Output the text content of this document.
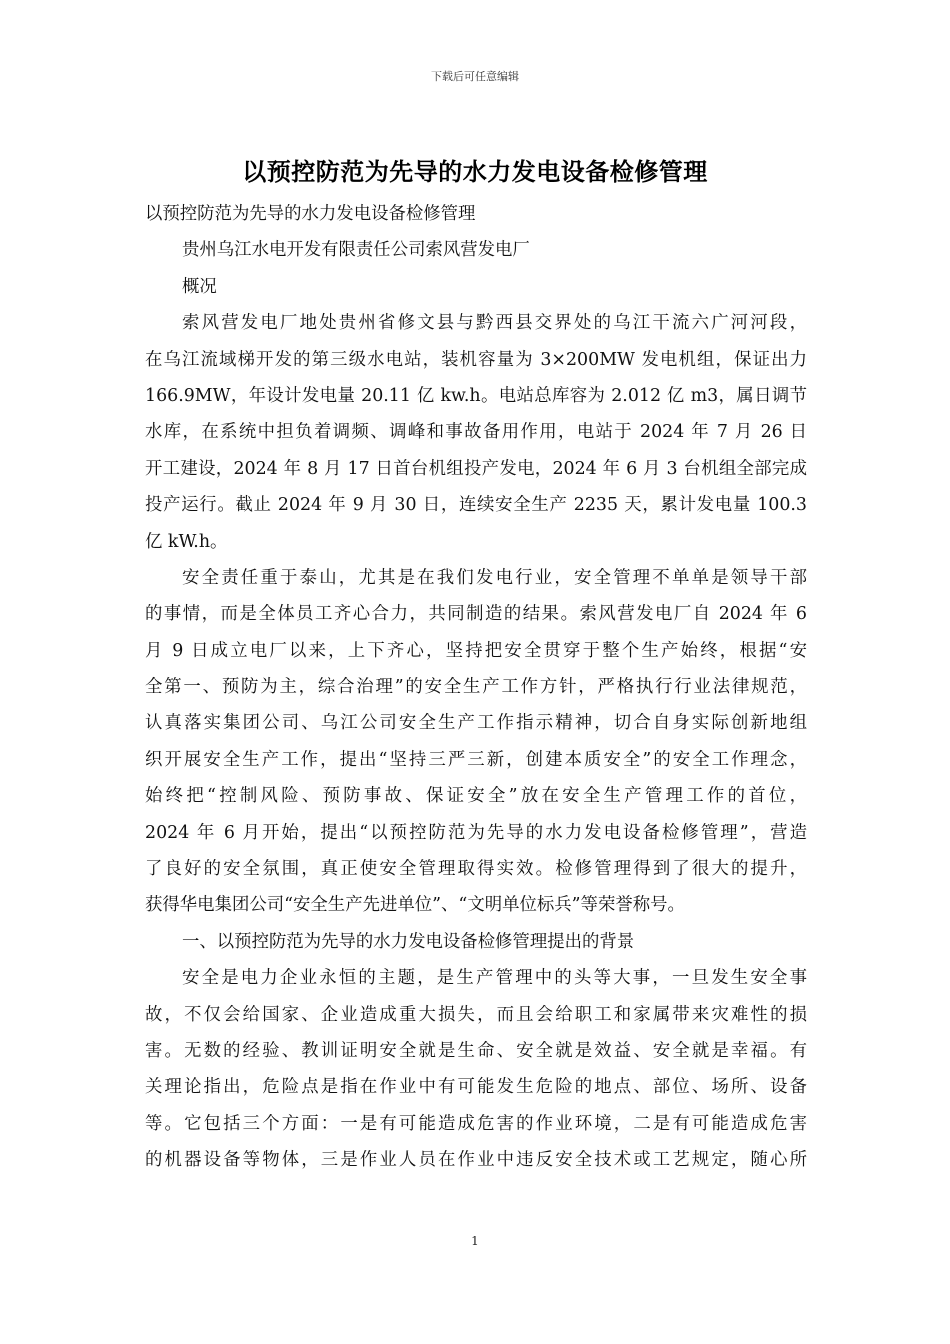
下载后可任意编辑
以预控防范为先导的水力发电设备检修管理
以预控防范为先导的水力发电设备检修管理
贵州乌江水电开发有限责任公司索风营发电厂
概况
索风营发电厂地处贵州省修文县与黔西县交界处的乌江干流六广河河段，
在乌江流域梯开发的第三级水电站，装机容量为 3×200MW 发电机组，保证出力
166.9MW，年设计发电量 20.11 亿 kw.h。电站总库容为 2.012 亿 m3，属日调节
水库，在系统中担负着调频、调峰和事故备用作用，电站于 2024 年 7 月 26 日
开工建设，2024 年 8 月 17 日首台机组投产发电，2024 年 6 月 3 台机组全部完成
投产运行。截止 2024 年 9 月 30 日，连续安全生产 2235 天，累计发电量 100.3
亿 kW.h。
安全责任重于泰山，尤其是在我们发电行业，安全管理不单单是领导干部
的事情，而是全体员工齐心合力，共同制造的结果。索风营发电厂自 2024 年 6
月 9 日成立电厂以来，上下齐心，坚持把安全贯穿于整个生产始终，根据“安
全第一、预防为主，综合治理”的安全生产工作方针，严格执行行业法律规范，
认真落实集团公司、乌江公司安全生产工作指示精神，切合自身实际创新地组
织开展安全生产工作，提出“坚持三严三新，创建本质安全”的安全工作理念，
始终把“控制风险、预防事故、保证安全”放在安全生产管理工作的首位，
2024 年 6 月开始，提出“以预控防范为先导的水力发电设备检修管理”，营造
了良好的安全氛围，真正使安全管理取得实效。检修管理得到了很大的提升，
获得华电集团公司“安全生产先进单位”、“文明单位标兵”等荣誉称号。
一、以预控防范为先导的水力发电设备检修管理提出的背景
安全是电力企业永恒的主题，是生产管理中的头等大事，一旦发生安全事
故，不仅会给国家、企业造成重大损失，而且会给职工和家属带来灾难性的损
害。无数的经验、教训证明安全就是生命、安全就是效益、安全就是幸福。有
关理论指出，危险点是指在作业中有可能发生危险的地点、部位、场所、设备
等。它包括三个方面：一是有可能造成危害的作业环境，二是有可能造成危害
的机器设备等物体，三是作业人员在作业中违反安全技术或工艺规定，随心所
1
